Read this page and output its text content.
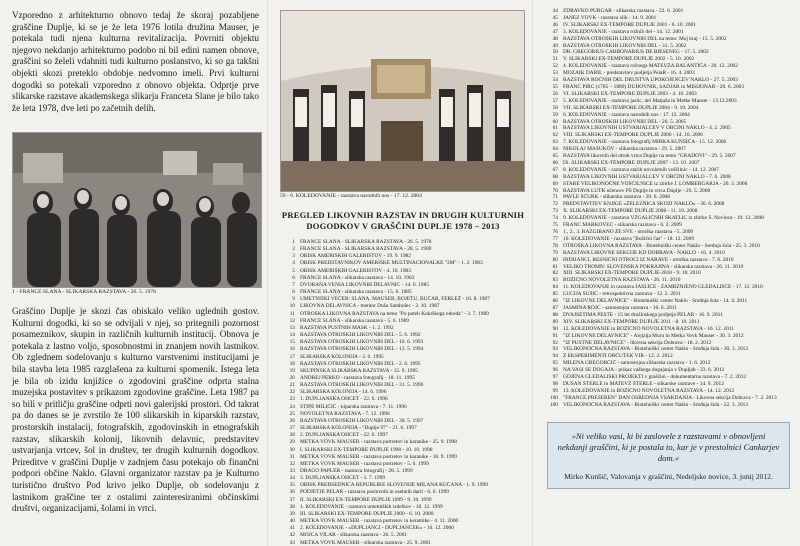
Vzporedno z arhitekturno obnovo tedaj že skoraj pozabljene graščine Duplje, ki se je že leta 1976 lotila družina Mauser, je potekala tudi njena kulturna revitalizacija. Povrniti objektu njegovo nekdanjo arhitekturno podobo ni bil edini namen obnove, graščini so želeli vdahniti tudi kulturno poslanstvo, ki so ga takšni objekti skozi preteklo obdobje nedvomno imeli. Prvi kulturni dogodki so potekali vzporedno z obnovo objekta. Odprtje prve slikarske razstave akademskega slikarja Franceta Slane je bilo tako že leta 1978, dve leti po začetnih delih.

1 - FRANCE SLANA - SLIKARSKA RAZSTAVA - 26. 5. 1978

Graščino Duplje je skozi čas obiskalo veliko uglednih gostov. Kulturni dogodki, ki so se odvijali v njej, so pritegnili pozornost posameznikov, skupin in različnih kulturnih institucij. Obnova je potekala z lastno voljo, sposobnostmi in znanjem novih lastnikov. Ob zglednem sodelovanju s kulturno varstvenimi institucijami je bila stavba leta 1985 razglašena za kulturni spomenik. Istega leta je bila ob izidu knjižice o zgodovini graščine odprta stalna muzejska postavitev s prikazom zgodovine graščine. Leta 1987 pa so bili v pritličju graščine odprti novi galerijski prostori. Od takrat pa do danes se je zvrstilo že 100 slikarskih in kiparskih razstav, prostorskih instalacij, fotografskih, zgodovinskih in etnografskih razstav, slikarskih kolonij, likovnih delavnic, predstavitev ustvarjanja vrtcev, šol in društev, ter drugih kulturnih dogodkov. Prireditve v graščini Duplje v zadnjem času potekajo ob finančni podpori občine Naklo. Glavni organizator razstav pa je Kulturno turistično društvo Pod krivo jelko Duplje, ob sodelovanju z lastnikom graščine ter z ostalimi zainteresiranimi občinskimi društvi, organizacijami, šolami in vrtci.

59 - 6. KOLEDOVANJE - razstava narodnih nos - 17. 12. 2004
PREGLED LIKOVNIH RAZSTAV IN DRUGIH KULTURNIH DOGODKOV V GRAŠČINI DUPLJE 1978 – 2013
1 FRANCE SLANA - SLIKARSKA RAZSTAVA - 26. 5. 1978
2 FRANCE SLANA - SLIKARSKA RAZSTAVA - 28. 5. 1980
3 OBISK AMERIŠKIH GALERISTOV - 19. 9. 1982
4 OBISK PREDSTAVNIKOV AMERIŠKE MULTINACIONALKE "3M" - 1. 2. 1983
5 OBISK AMERIŠKIH GALERISTOV - 4. 10. 1983
6 FRANCE SLANA - slikarska razstava - 14. 10. 1983
7 DVORANA VENIA LIKOVNIH DELAVNIC - 14. 6. 1985
8 FRANCE SLANA - slikarska razstava - 15. 6. 1985
9 UMETNIŠKI VEČER: SLANA, MAUSER, BOJETU, BUČAR, FERLEŽ - 16. 8. 1987
10 LIKOVNA DELAVNICA - mentor Duša Sambolec - 2. 10. 1987
11 OTROŠKA LIKOVNA RAZSTAVA na temo "Po poteh Kokrškega odreda" - 3. 7. 1989
12 FRANCE SLANA - slikarska razstava - 5. 6. 1989
13 RAZSTAVA PUSTNIH MASK - 1. 2. 1992
14 RAZSTAVA OTROŠKIH LIKOVNIH DEL - 5. 6. 1992
15 RAZSTAVA OTROŠKIH LIKOVNIH DEL - 10. 6. 1993
16 RAZSTAVA OTROŠKIH LIKOVNIH DEL - 13. 5. 1994
17 SLIKARSKA KOLONIJA - 3. 6. 1995
18 RAZSTAVA OTROŠKIH LIKOVNIH DEL - 2. 6. 1995
19 SKUPINSKA SLIKARSKA RAZSTAVA - 15. 9. 1995
20 ANDREJ PERKO - razstava fotografij - 18. 11. 1995
21 RAZSTAVA OTROŠKIH LIKOVNIH DEL - 31. 5. 1996
22 SLIKARSKA KOLONIJA - 14. 6. 1996
23 1. DUPLJANSKA OHCET - 22. 6. 1996
24 ŠTIPE MILIČIĆ - kiparska razstava - 7. 11. 1996
25 NOVOLETNA RAZSTAVA - 7. 12. 1996
26 RAZSTAVA OTROŠKIH LIKOVNIH DEL - 30. 5. 1997
27 SLIKARSKA KOLONIJA - "Duplje 97" - 21. 6. 1997
28 2. DUPLJANSKA OHCET - 22. 6. 1997
29 METKA VOVK MAUSER - razstava portretov in karanike - 25. 9. 1998
30 I. SLIKARSKI EX-TEMPORE DUPLJE 1998 - 10. 10. 1998
31 METKA VOVK MAUSER - razstava portretov in karanike - 18. 9. 1999
32 METKA VOVK MAUSER - razstava portretov - 5. 6. 1999
33 DRAGO PAPLER - razstava fotografij - 28. 5. 1999
34 3. DUPLJANSKA OHCET - 3. 7. 1999
35 OBISK PREDSEDNICA REPUBLIKE SLOVENIJE MILANA KUČANA - 1. 9. 1999
36 PODJETJE PELAR - razstava poslovnih in osebnih daril - 6. 6. 1999
37 II. SLIKARSKI EX-TEMPORE DUPLJE 1999 - 9. 10. 1999
38 1. KOLEDOVANJE - razstava umetniških izdelkov - 18. 12. 1999
39 III. SLIKARSKI EX-TEMPORE DUPLJE 2000 - 6. 10. 2000
40 METKA VOVK MAUSER - razstava portretov in keramike - 4. 11. 2000
41 2. KOLEDOVANJE - »DUPLJANCI - DUPLJANČEK« - 16. 12. 2000
42 MOJCA VILAR - slikarska razstava - 26. 5. 2001
43 METKA VOVK MAUSER - slikarska razstava - 25. 9. 2001
44 ZDRAVKO PURGAR - slikarska razstava - 22. 6. 2001
45 JANEZ VOVK - razstava slik - 14. 9. 2001
46 IV. SLIKARSKI EX-TEMPORE DUPLJE 2001 - 6. 10. 2001
47 3. KOLEDOVANJE - razstava rožnih del - 14. 12. 2001
48 RAZSTAVA OTROŠKIH LIKOVNIH DEL na temo: Moj kraj - 15. 5. 2002
49 RAZSTAVA OTROŠKIH LIKOVNIH DEL - 31. 5. 2002
50 DR. GREGORIUS CARBONARIUS DE BIESENEG - 17. 5. 2002
51 V. SLIKARSKI EX-TEMPORE DUPLJE 2002 - 5. 10. 2002
52 4. KOLEDOVANJE - razstava ročnega MATEVŽA BALANTIČA - 20. 12. 2002
53 MOZAIK DARIL - predstavitev podjetja PelaR - 16. 4. 2003
54 RAZSTAVA ROČNIH DEL DRUŠTVA UPOKOJENCEV NAKLO - 27. 5. 2003
55 FRANC PIRC (1785 – 1880) DUHOVNIK, SADJAR in MISIJONAR - 20. 6. 2003
56 VI. SLIKARSKI EX-TEMPORE DUPLJE 2003 - 4. 10. 2003
57 5. KOLEDOVANJE - razstava jaslic, del Matjaža in Metke Mauser - 13.12.2003
58 VII. SLIKARSKI EX-TEMPORE DUPLJE 2004 - 9. 10. 2004
59 6. KOLEDOVANJE - razstava narodnih nos - 17. 12. 2004
60 RAZSTAVA OTROŠKIH LIKOVNIH DEL - 20. 5. 2005
61 RAZSTAVA LIKOVNIH USTVARJALCEV V OBČINI NAKLO - 4. 2. 2005
62 VIII. SLIKARSKI EX-TEMPORE DUPLJE 2006 - 14. 10. 2006
63 7. KOLEDOVANJE - razstava fotografij MIRKA KUNŠIČA - 15. 12. 2006
64 NIKOLAJ MAŠUKOV - slikarska razstava - 29. 5. 2007
65 RAZSTAVA likovnih del otrok vrtca Duplje na temo "GRADOVI" - 29. 5. 2007
66 IX. SLIKARSKI EX-TEMPORE DUPLJE 2007 - 13. 10. 2007
67 8. KOLEDOVANJE - razstava starih novoletnih voščilnic - 14. 12. 2007
68 RAZSTAVA LIKOVNIH USTVARJALCEV V OBČINI NAKLO - 7. 6. 2008
69 STARE VELIKONOČNE VOŠČILNICE iz zbirke J. LOMBERGARJA - 20. 3. 2008
70 RAZSTAVA LUTK učencev PŠ Duplje in vrtca Duplje - 29. 5. 2008
71 PAVLE ŠČURK - slikarska razstava - 20. 6. 2008
72 PREDSTAVITEV KNJIGE »ŽELEZNICA SKOZI NAKLO« - 30. 6. 2008
73 X. SLIKARSKI EX-TEMPORE DUPLJE 2008 - 11. 10. 2008
74 9. KOLEDOVANJE - razstava VŽGALIČNIH ŠKATLIC iz zbirke Š. Novinca - 19. 12. 2008
75 FRANC MARKOVEC - slikarska razstava - 6. 2. 2009
76 1., 2., 3. RAZGIBANO ŽE SVE - otroška razstava - 5. 2009
77 10. KOLEDOVANJE - razstava "Božični čas" - 18. 12. 2009
78 OTROŠKA LIKOVNA RAZSTAVA - Biotehniški center Naklo - Srednja šola - 25. 3. 2010
79 RAZSTAVA LIKOVNE SEKCIJE KD DOBRAVA - NAKLO - 16. 4. 2010
80 INDIJANCI, RESNIČNI OTROCI IZ NARAVE - otroška razstava - 7. 6. 2010
81 VELIKO TROMN: SLOVENSKA POKRAJINA - slikarska razstava - 26. 11. 2010
82 XIII. SLIKARSKI EX-TEMPORE DUPLJE-2010 - 9. 10. 2010
83 BOŽIČNO NOVOLETNA RAZSTAVA - 26. 11. 2010
84 11. KOLEDOVANJE in razstava JASLICE - ZAMRZNJENO GLEDALIŠČE - 17. 12. 2010
85 LUCIJA ŠUŠIĆ - retrospektivna razstava - 12. 2. 2011
86 "IZ LIKOVNE DELAVNICE" - Biotehniški center Naklo - Srednja šola - 14. 4. 2011
87 JASMINA ROJC - samostojna razstava - 16. 6. 2011
88 DVAJSETIMA PESTE - 15 let družinskega podjetja PELAR - 16. 9. 2011
89 XIV. SLIKARSKI EX-TEMPORE DUPLJE 2011 - 8. 10. 2011
90 12. KOLEDOVANJE in BOŽIČNO NOVOLETNA RAZSTAVA - 16. 12. 2011
91 "IZ LIKOVNE DELAVNICE" - Alojzija Muru in Metka Vovk Mauser - 30. 3. 2012
92 "IZ PUSTNE DELAVNICE" - likovna sekcija Dobrava - 18. 2. 2012
93 VELIKONOČNA RAZSTAVA - Biotehniški center Naklo - Srednja šola - 30. 3. 2012
94 Z EKSPERIMENTI OBČUTEK VIR - 12. 2. 2012
95 MILENA GREGORČIČ - samostojna slikarska razstava - 1. 6. 2012
96 NA VASI SE DOGAJA - prikaz vaškega dogajanja v Dupljah - 23. 6. 2012
97 GOJENA GLEDALIŠKI PROJEKTI v graščini - dokumentarna razstava - 7. 2. 2012
98 DUŠAN ŠTERLE in MATEVŽ ŠTERLE - slikarske razstave - 14. 9. 2012
99 13. KOLEDOVANJE in BOŽIČNO NOVOLETNA RAZSTAVA - 14. 12. 2012
100 "FRANCE PREŠEREN" DAN OSREDNJA VSAKDANJA - Likovna sekcija Dobrava - 7. 2. 2013
100 VELIKONOČNA RAZSTAVA - Biotehniški center Naklo - Srednja šola - 22. 3. 2013
»Ni veliko vasi, ki bi zaslovele z razstavami v obnovljeni nekdanji graščini, ki je postala to, kar je v prestolnici Cankarjev dom.«
Mirko Kunšič, Valovanja v graščini, Nedeljske novice, 3. junij 2012.
